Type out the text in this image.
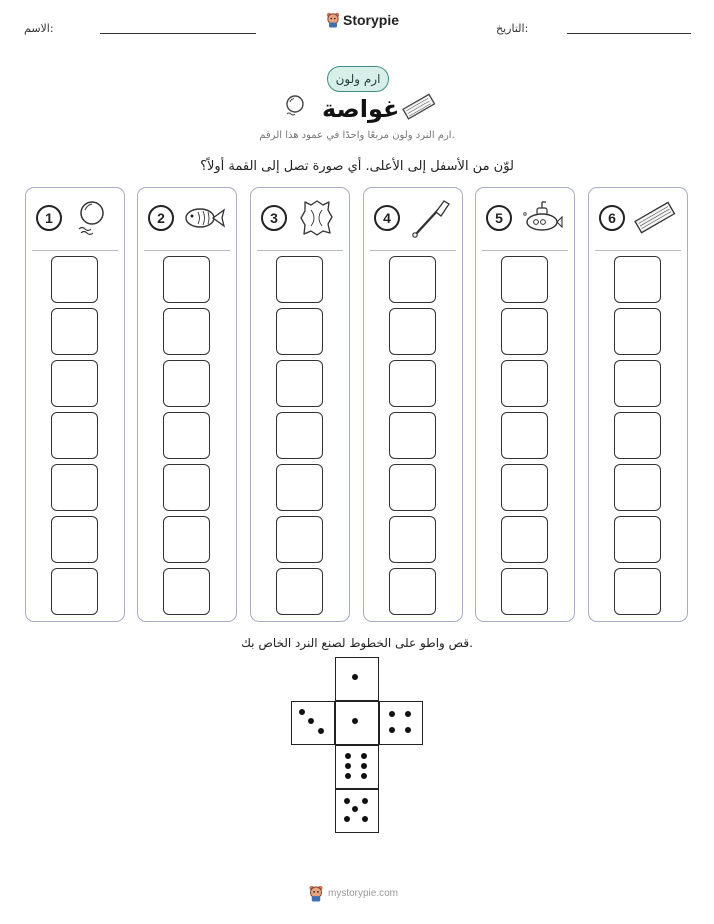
الاسم:
Storypie
التاريخ:
ارم ولون
غواصة
ارم النرد ولون مربعًا واحدًا في عمود هذا الرقم.
لوّن من الأسفل إلى الأعلى. أي صورة تصل إلى القمة أولاً؟
1	2	3	4	5	6
قص واطو على الخطوط لصنع النرد الخاص بك.
mystorypie.com
